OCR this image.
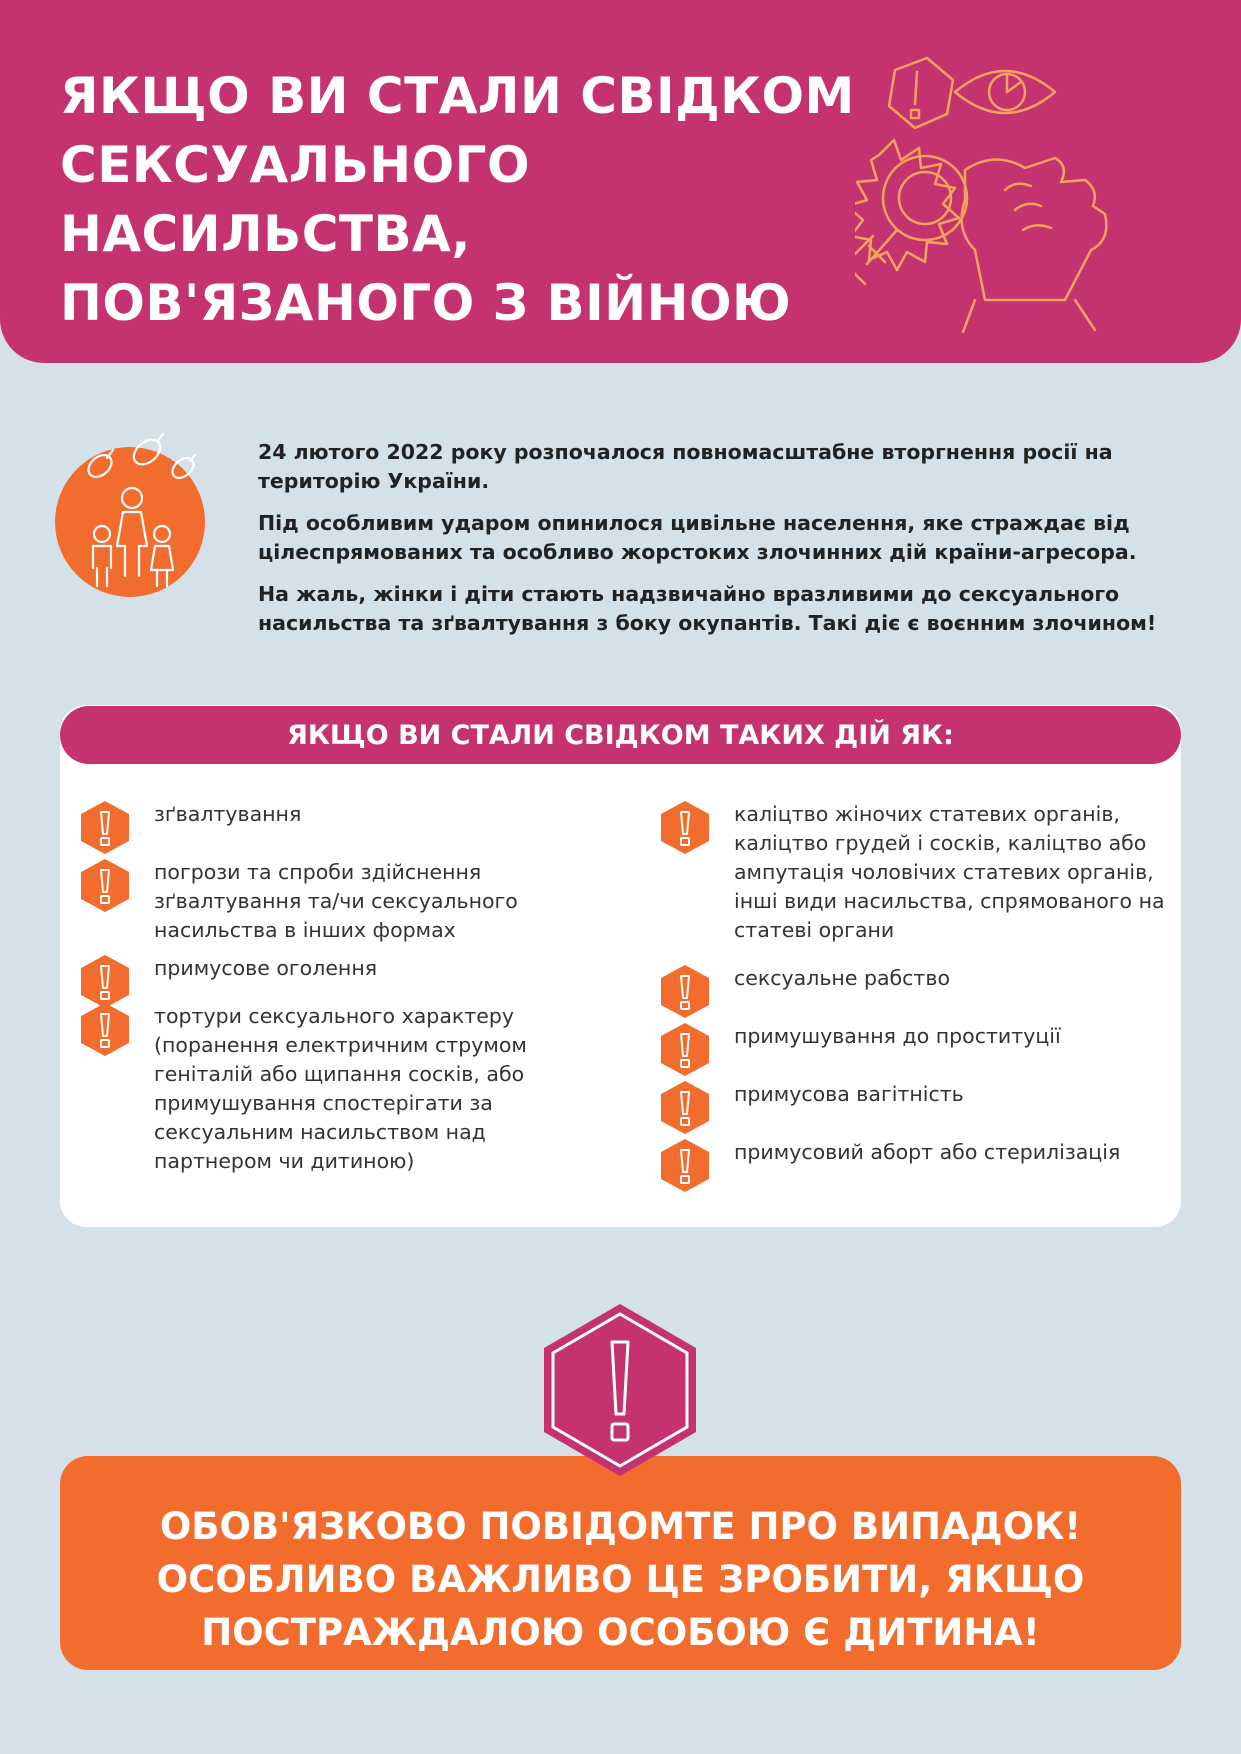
ЯКЩО ВИ СТАЛИ СВІДКОМ
СЕКСУАЛЬНОГО
НАСИЛЬСТВА,
ПОВ'ЯЗАНОГО З ВІЙНОЮ

24 лютого 2022 року розпочалося повномасштабне вторгнення росії на
територію України.

Під особливим ударом опинилося цивільне населення, яке страждає від
цілеспрямованих та особливо жорстоких злочинних дій країни-агресора.

На жаль, жінки і діти стають надзвичайно вразливими до сексуального
насильства та зґвалтування з боку окупантів. Такі діє є воєнним злочином!

ЯКЩО ВИ СТАЛИ СВІДКОМ ТАКИХ ДІЙ ЯК:
зґвалтування
погрози та спроби здійснення
зґвалтування та/чи сексуального
насильства в інших формах
примусове оголення
тортури сексуального характеру
(поранення електричним струмом
геніталій або щипання сосків, або
примушування спостерігати за
сексуальним насильством над
партнером чи дитиною)
каліцтво жіночих статевих органів,
каліцтво грудей і сосків, каліцтво або
ампутація чоловічих статевих органів,
інші види насильства, спрямованого на
статеві органи
сексуальне рабство
примушування до проституції
примусова вагітність
примусовий аборт або стерилізація
ОБОВ'ЯЗКОВО ПОВІДОМТЕ ПРО ВИПАДОК!
ОСОБЛИВО ВАЖЛИВО ЦЕ ЗРОБИТИ, ЯКЩО
ПОСТРАЖДАЛОЮ ОСОБОЮ Є ДИТИНА!
